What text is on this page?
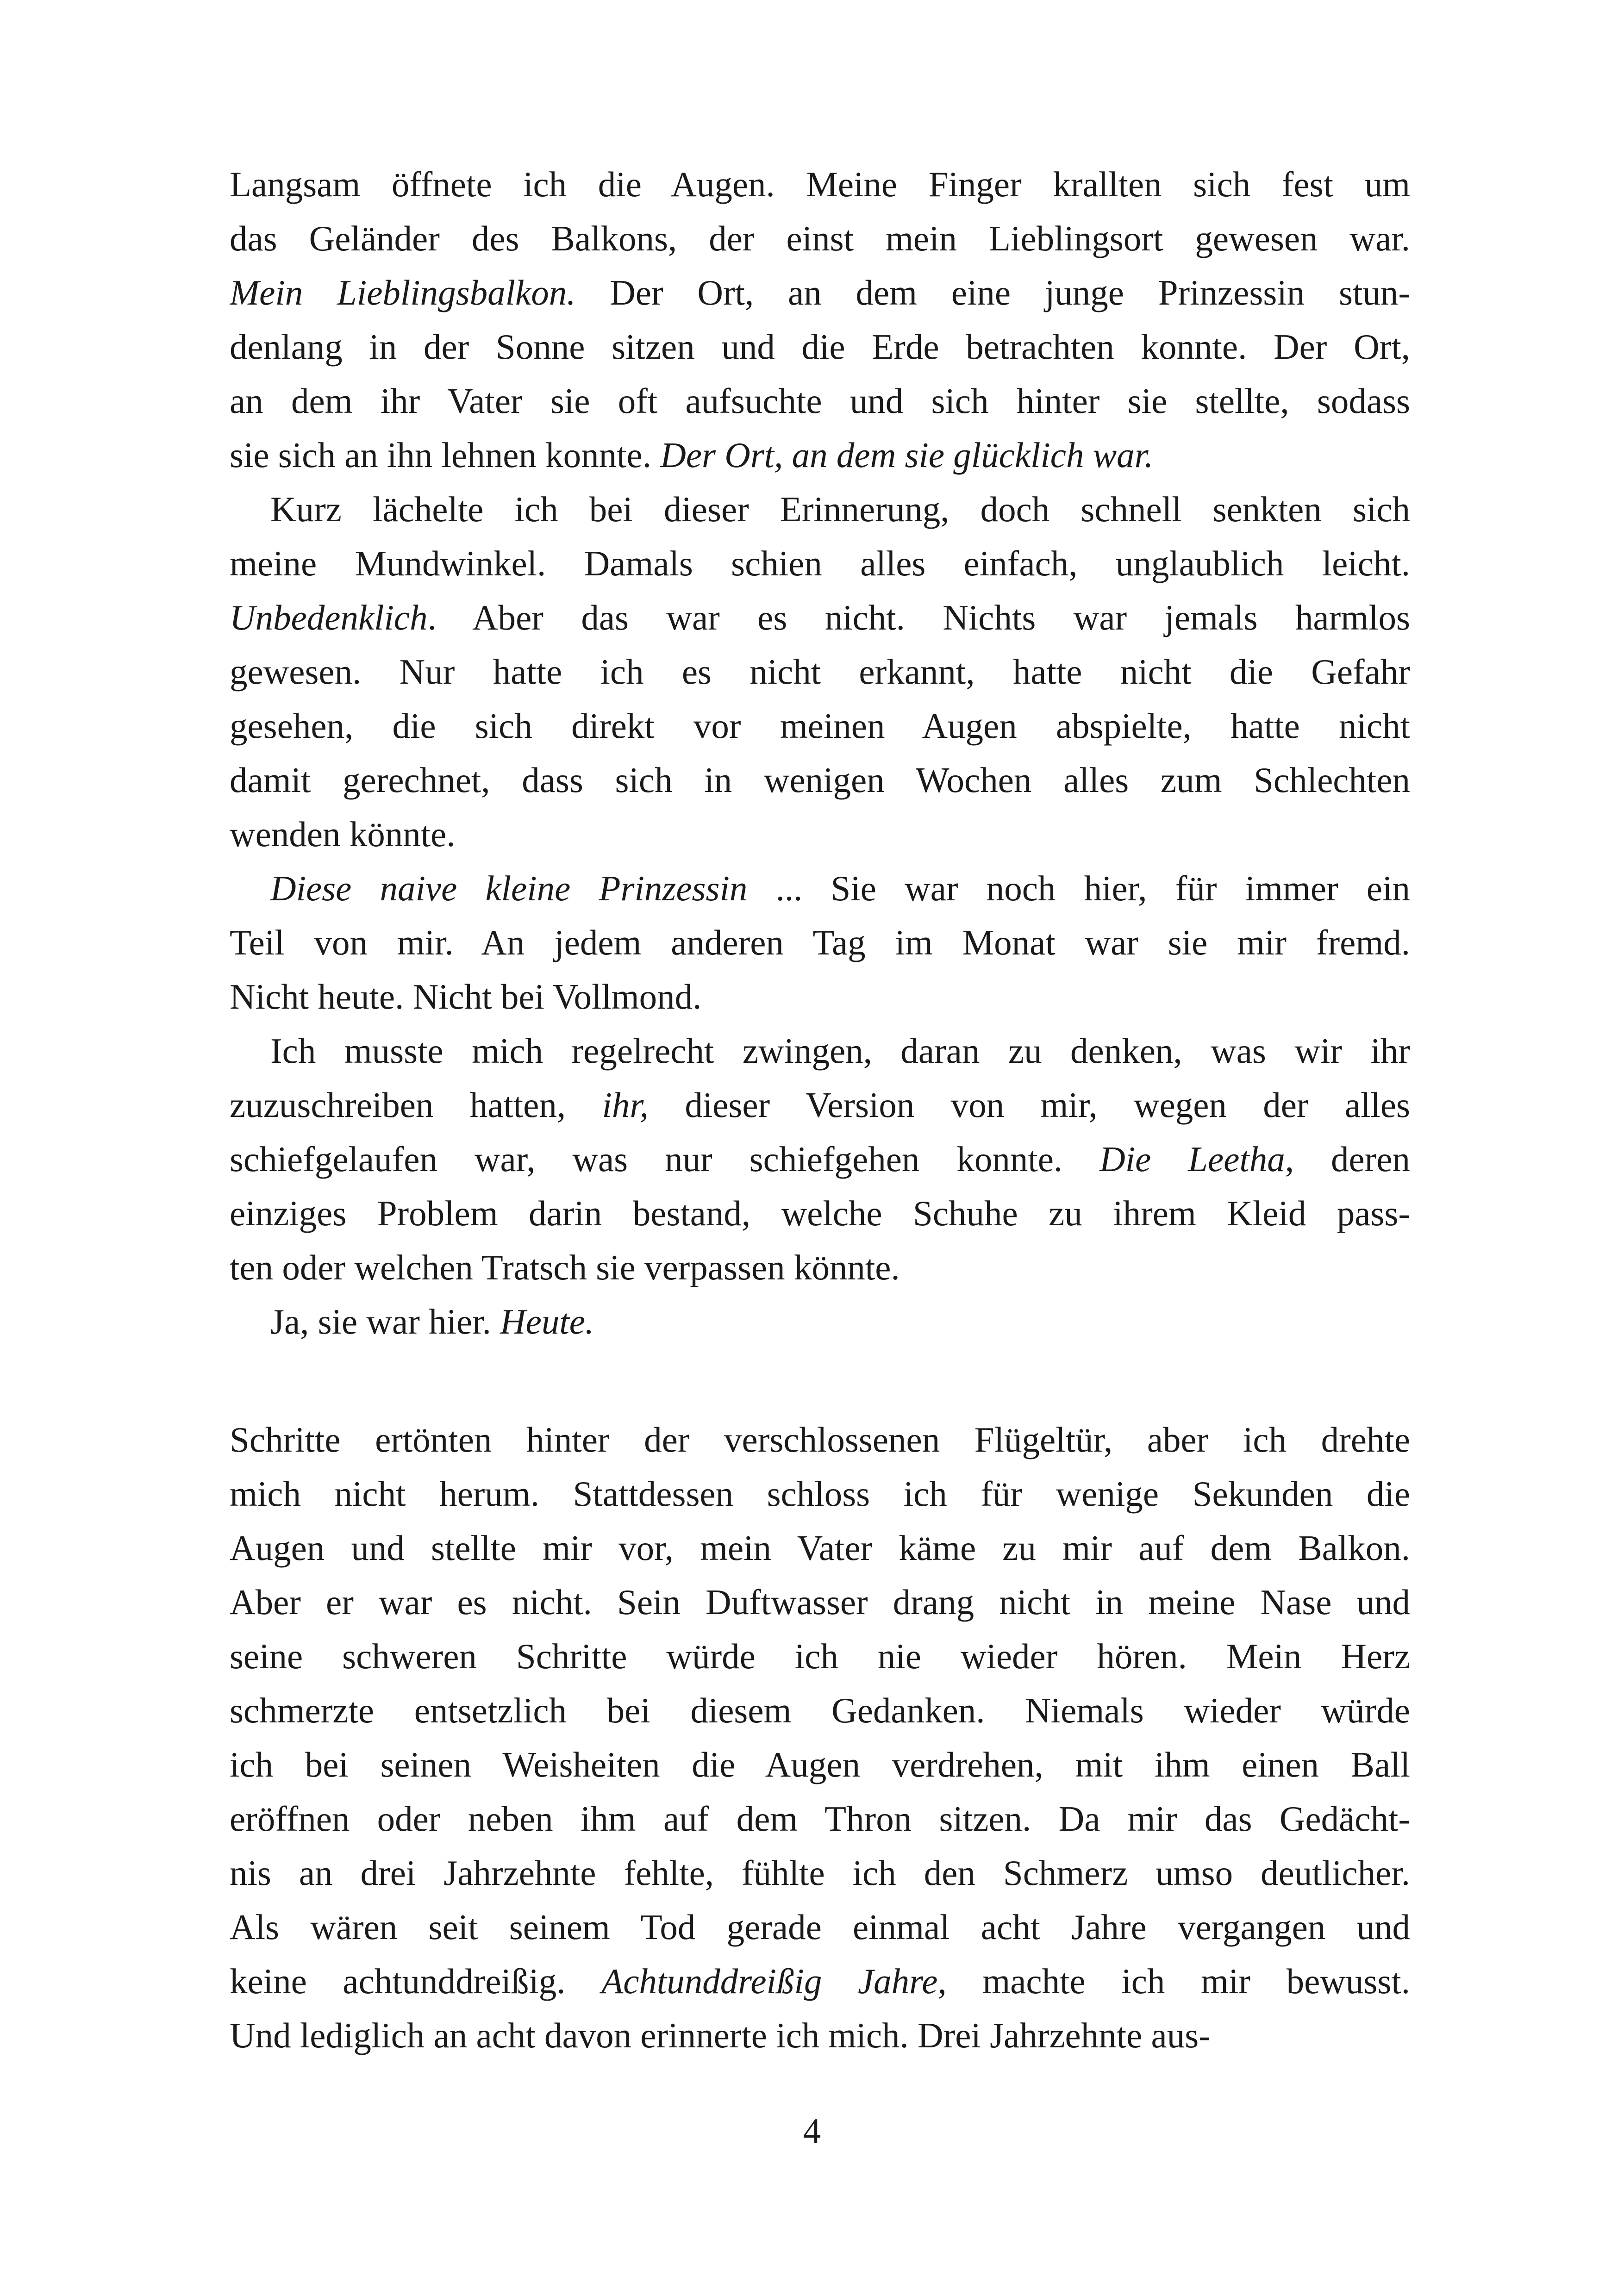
Langsam öffnete ich die Augen. Meine Finger krallten sich fest um
das Geländer des Balkons, der einst mein Lieblingsort gewesen war.
Mein Lieblingsbalkon. Der Ort, an dem eine junge Prinzessin stun-
denlang in der Sonne sitzen und die Erde betrachten konnte. Der Ort,
an dem ihr Vater sie oft aufsuchte und sich hinter sie stellte, sodass
sie sich an ihn lehnen konnte. Der Ort, an dem sie glücklich war.
Kurz lächelte ich bei dieser Erinnerung, doch schnell senkten sich
meine Mundwinkel. Damals schien alles einfach, unglaublich leicht.
Unbedenklich. Aber das war es nicht. Nichts war jemals harmlos
gewesen. Nur hatte ich es nicht erkannt, hatte nicht die Gefahr
gesehen, die sich direkt vor meinen Augen abspielte, hatte nicht
damit gerechnet, dass sich in wenigen Wochen alles zum Schlechten
wenden könnte.
Diese naive kleine Prinzessin ... Sie war noch hier, für immer ein
Teil von mir. An jedem anderen Tag im Monat war sie mir fremd.
Nicht heute. Nicht bei Vollmond.
Ich musste mich regelrecht zwingen, daran zu denken, was wir ihr
zuzuschreiben hatten, ihr, dieser Version von mir, wegen der alles
schiefgelaufen war, was nur schiefgehen konnte. Die Leetha, deren
einziges Problem darin bestand, welche Schuhe zu ihrem Kleid pass-
ten oder welchen Tratsch sie verpassen könnte.
Ja, sie war hier. Heute.
Schritte ertönten hinter der verschlossenen Flügeltür, aber ich drehte
mich nicht herum. Stattdessen schloss ich für wenige Sekunden die
Augen und stellte mir vor, mein Vater käme zu mir auf dem Balkon.
Aber er war es nicht. Sein Duftwasser drang nicht in meine Nase und
seine schweren Schritte würde ich nie wieder hören. Mein Herz
schmerzte entsetzlich bei diesem Gedanken. Niemals wieder würde
ich bei seinen Weisheiten die Augen verdrehen, mit ihm einen Ball
eröffnen oder neben ihm auf dem Thron sitzen. Da mir das Gedächt-
nis an drei Jahrzehnte fehlte, fühlte ich den Schmerz umso deutlicher.
Als wären seit seinem Tod gerade einmal acht Jahre vergangen und
keine achtunddreißig. Achtunddreißig Jahre, machte ich mir bewusst.
Und lediglich an acht davon erinnerte ich mich. Drei Jahrzehnte aus-
4
